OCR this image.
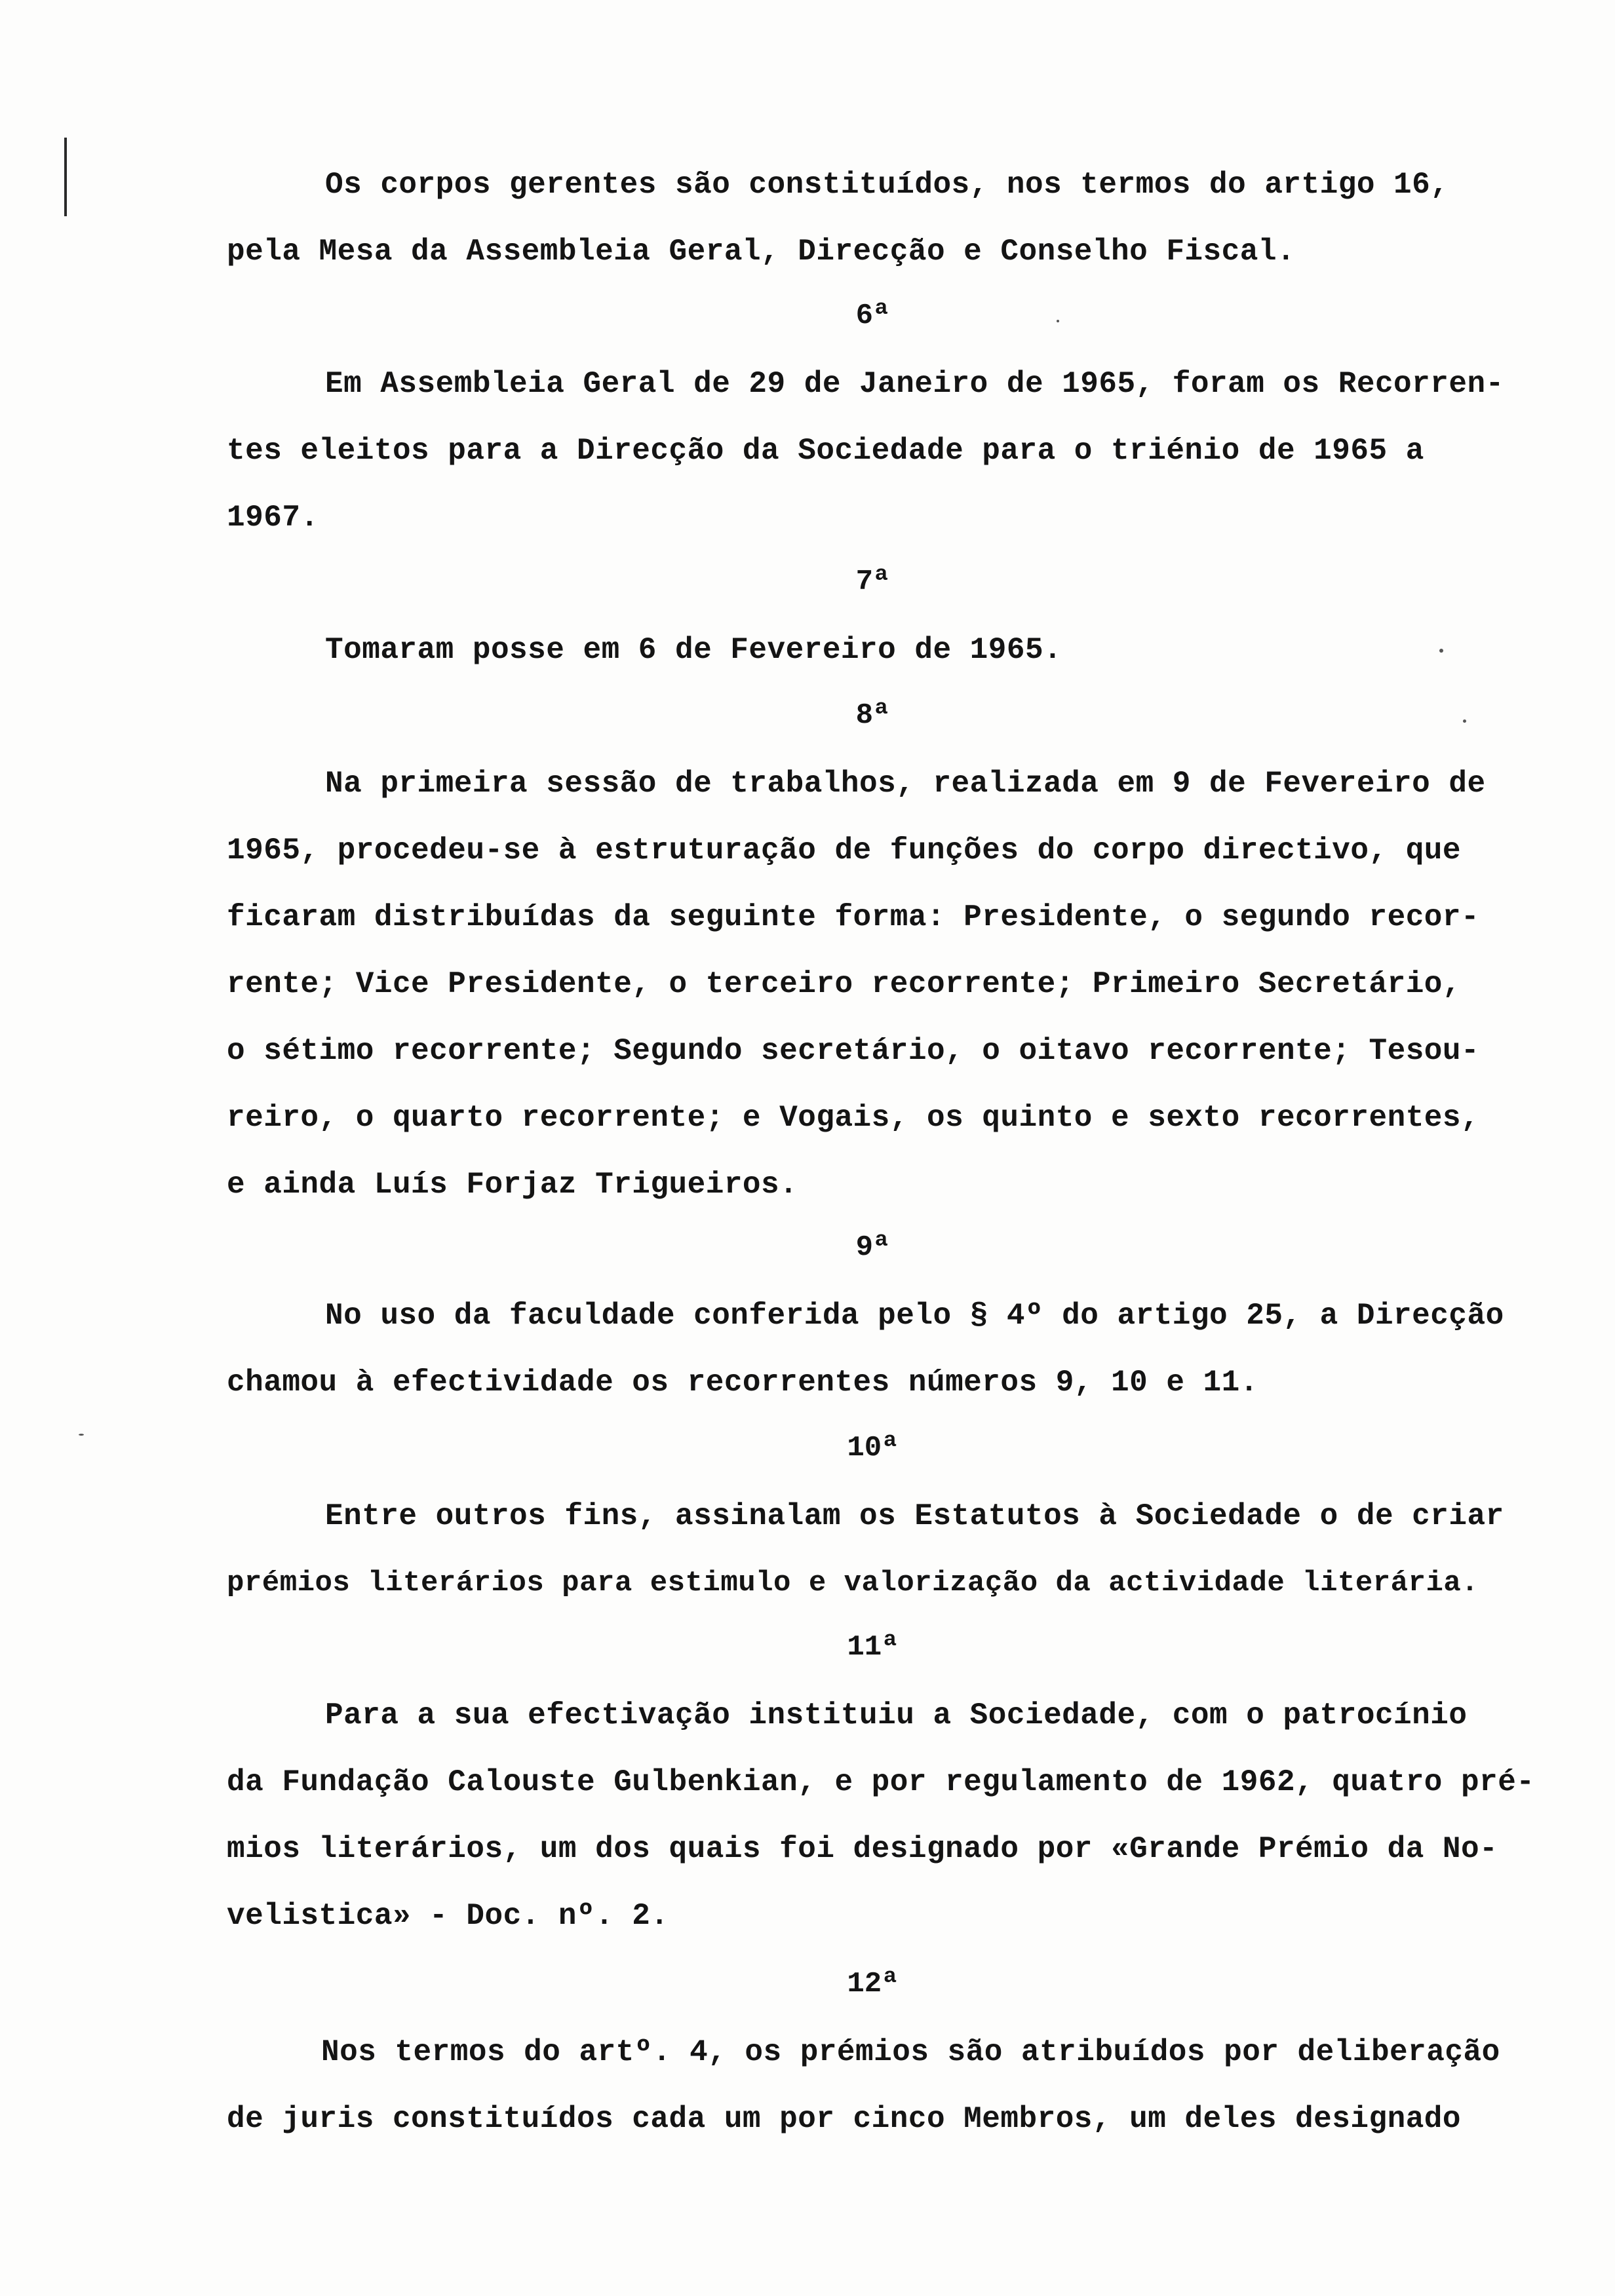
Os corpos gerentes são constituídos, nos termos do artigo 16,
pela Mesa da Assembleia Geral, Direcção e Conselho Fiscal.
6ª
Em Assembleia Geral de 29 de Janeiro de 1965, foram os Recorren-
tes eleitos para a Direcção da Sociedade para o triénio de 1965 a
1967.
7ª
Tomaram posse em 6 de Fevereiro de 1965.
8ª
Na primeira sessão de trabalhos, realizada em 9 de Fevereiro de
1965, procedeu-se à estruturação de funções do corpo directivo, que
ficaram distribuídas da seguinte forma: Presidente, o segundo recor-
rente; Vice Presidente, o terceiro recorrente; Primeiro Secretário,
o sétimo recorrente; Segundo secretário, o oitavo recorrente; Tesou-
reiro, o quarto recorrente; e Vogais, os quinto e sexto recorrentes,
e ainda Luís Forjaz Trigueiros.
9ª
No uso da faculdade conferida pelo § 4º do artigo 25, a Direcção
chamou à efectividade os recorrentes números 9, 10 e 11.
10ª
Entre outros fins, assinalam os Estatutos à Sociedade o de criar
prémios literários para estimulo e valorização da actividade literária.
11ª
Para a sua efectivação instituiu a Sociedade, com o patrocínio
da Fundação Calouste Gulbenkian, e por regulamento de 1962, quatro pré-
mios literários, um dos quais foi designado por «Grande Prémio da No-
velistica» - Doc. nº. 2.
12ª
Nos termos do artº. 4, os prémios são atribuídos por deliberação
de juris constituídos cada um por cinco Membros, um deles designado
